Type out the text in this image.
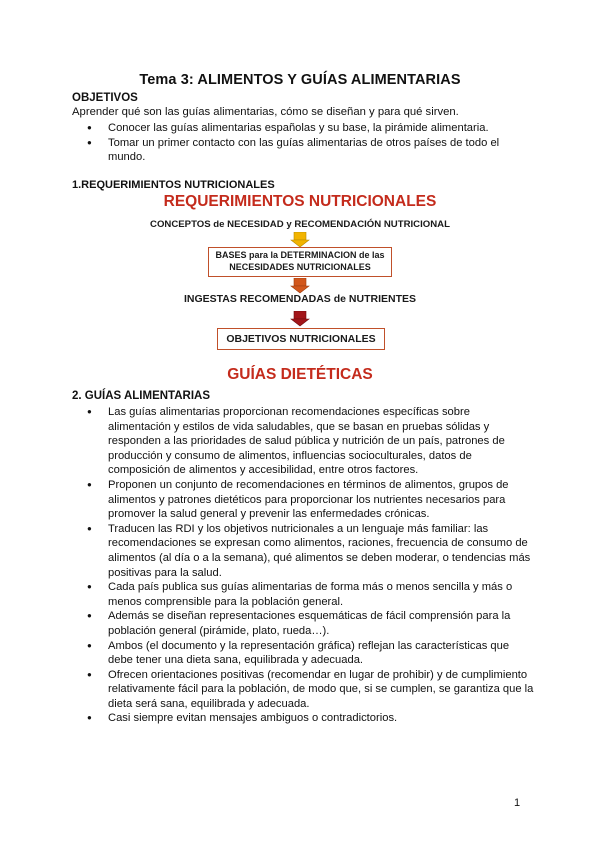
Tema 3: ALIMENTOS Y GUÍAS ALIMENTARIAS
OBJETIVOS
Aprender qué son las guías alimentarias, cómo se diseñan y para qué sirven.
● Conocer las guías alimentarias españolas y su base, la pirámide alimentaria.
● Tomar un primer contacto con las guías alimentarias de otros países de todo el mundo.
1.REQUERIMIENTOS NUTRICIONALES
REQUERIMIENTOS NUTRICIONALES
CONCEPTOS de NECESIDAD y RECOMENDACIÓN NUTRICIONAL
BASES para la DETERMINACION de las
NECESIDADES NUTRICIONALES
INGESTAS RECOMENDADAS de NUTRIENTES
OBJETIVOS NUTRICIONALES
GUÍAS DIETÉTICAS
2. GUÍAS ALIMENTARIAS
● Las guías alimentarias proporcionan recomendaciones específicas sobre alimentación y estilos de vida saludables, que se basan en pruebas sólidas y responden a las prioridades de salud pública y nutrición de un país, patrones de producción y consumo de alimentos, influencias socioculturales, datos de composición de alimentos y accesibilidad, entre otros factores.
● Proponen un conjunto de recomendaciones en términos de alimentos, grupos de alimentos y patrones dietéticos para proporcionar los nutrientes necesarios para promover la salud general y prevenir las enfermedades crónicas.
● Traducen las RDI y los objetivos nutricionales a un lenguaje más familiar: las recomendaciones se expresan como alimentos, raciones, frecuencia de consumo de alimentos (al día o a la semana), qué alimentos se deben moderar, o tendencias más positivas para la salud.
● Cada país publica sus guías alimentarias de forma más o menos sencilla y más o menos comprensible para la población general.
● Además se diseñan representaciones esquemáticas de fácil comprensión para la población general (pirámide, plato, rueda…).
● Ambos (el documento y la representación gráfica) reflejan las características que debe tener una dieta sana, equilibrada y adecuada.
● Ofrecen orientaciones positivas (recomendar en lugar de prohibir) y de cumplimiento relativamente fácil para la población, de modo que, si se cumplen, se garantiza que la dieta será sana, equilibrada y adecuada.
● Casi siempre evitan mensajes ambiguos o contradictorios.
1
